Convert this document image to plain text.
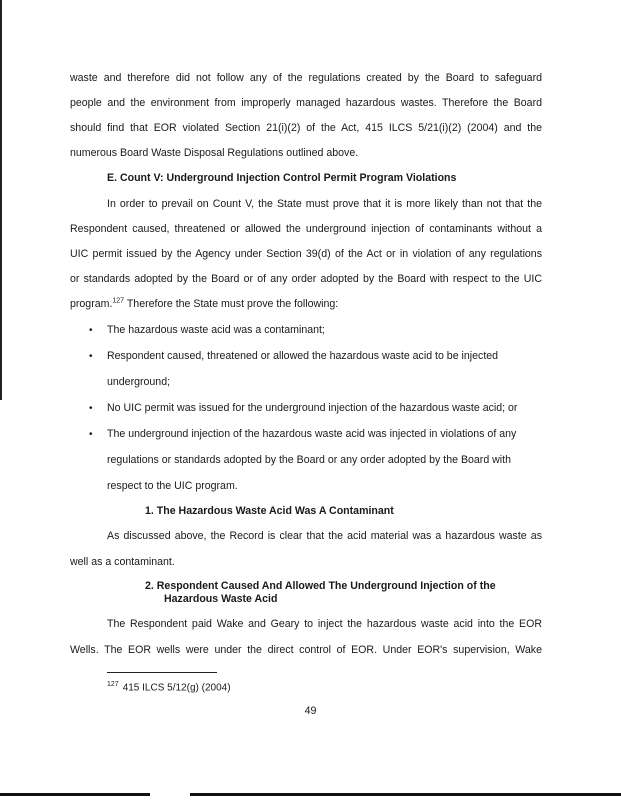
waste and therefore did not follow any of the regulations created by the Board to safeguard
people and the environment from improperly managed hazardous wastes. Therefore the Board
should find that EOR violated Section 21(i)(2) of the Act, 415 ILCS 5/21(i)(2) (2004) and the
numerous Board Waste Disposal Regulations outlined above.
E. Count V: Underground Injection Control Permit Program Violations
In order to prevail on Count V, the State must prove that it is more likely than not that the
Respondent caused, threatened or allowed the underground injection of contaminants without a
UIC permit issued by the Agency under Section 39(d) of the Act or in violation of any regulations
or standards adopted by the Board or of any order adopted by the Board with respect to the UIC
program.$^{127}$ Therefore the State must prove the following:
• The hazardous waste acid was a contaminant;
• Respondent caused, threatened or allowed the hazardous waste acid to be injected
underground;
• No UIC permit was issued for the underground injection of the hazardous waste acid; or
• The underground injection of the hazardous waste acid was injected in violations of any
regulations or standards adopted by the Board or any order adopted by the Board with
respect to the UIC program.
1. The Hazardous Waste Acid Was A Contaminant
As discussed above, the Record is clear that the acid material was a hazardous waste as
well as a contaminant.
2. Respondent Caused And Allowed The Underground Injection of the
Hazardous Waste Acid
The Respondent paid Wake and Geary to inject the hazardous waste acid into the EOR
Wells. The EOR wells were under the direct control of EOR. Under EOR's supervision, Wake
$^{127}$ 415 ILCS 5/12(g) (2004)
49
